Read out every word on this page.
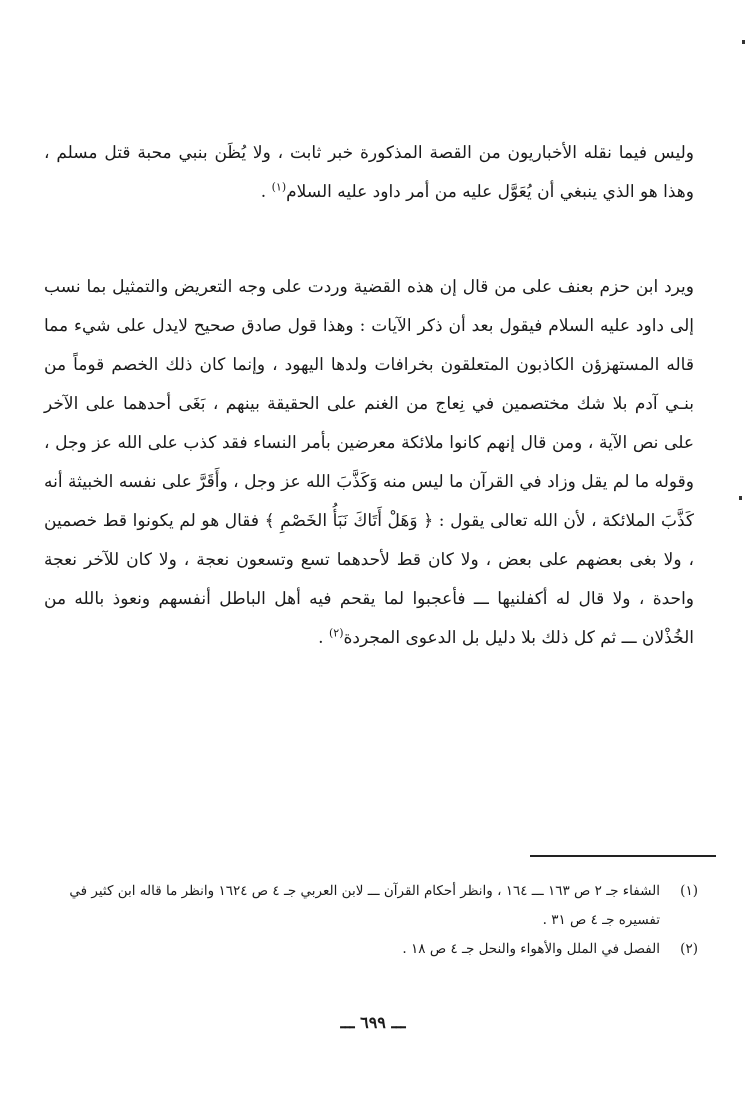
وليس فيما نقله الأخباريون من القصة المذكورة خبر ثابت ، ولا يُظَن بنبي محبة قتل مسلم ، وهذا هو الذي ينبغي أن يُعَوَّل عليه من أمر داود عليه السلام$^{(١)}$ .

ويرد ابن حزم بعنف على من قال إن هذه القضية وردت على وجه التعريض والتمثيل بما نسب إلى داود عليه السلام فيقول بعد أن ذكر الآيات : وهذا قول صادق صحيح لايدل على شيء مما قاله المستهزؤن الكاذبون المتعلقون بخرافات ولدها اليهود ، وإنما كان ذلك الخصم قوماً من بنـي آدم بلا شك مختصمين في نِعاج من الغنم على الحقيقة بينهم ، بَغَى أحدهما على الآخر على نص الآية ، ومن قال إنهم كانوا ملائكة معرضين بأمر النساء فقد كذب على الله عز وجل ، وقوله ما لم يقل وزاد في القرآن ما ليس منه وَكَذَّبَ الله عز وجل ، وأَقَرَّ على نفسه الخبيثة أنه كَذَّبَ الملائكة ، لأن الله تعالى يقول : ﴿ وَهَلْ أَتَاكَ نَبَأُ الخَصْمِ ﴾ فقال هو لم يكونوا قط خصمين ، ولا بغى بعضهم على بعض ، ولا كان قط لأحدهما تسع وتسعون نعجة ، ولا كان للآخر نعجة واحدة ، ولا قال له أكفلنيها ـــ فأعجبوا لما يقحم فيه أهل الباطل أنفسهم ونعوذ بالله من الخُذْلان ـــ ثم كل ذلك بلا دليل بل الدعوى المجردة$^{(٢)}$ .

(١)
الشفاء جـ ٢ ص ١٦٣ ـــ ١٦٤ ، وانظر أحكام القرآن ـــ لابن العربي جـ ٤ ص ١٦٢٤ وانظر ما قاله ابن كثير في تفسيره جـ ٤ ص ٣١ .
(٢)
الفصل في الملل والأهواء والنحل جـ ٤ ص ١٨ .
ـــ ٦٩٩ ـــ
